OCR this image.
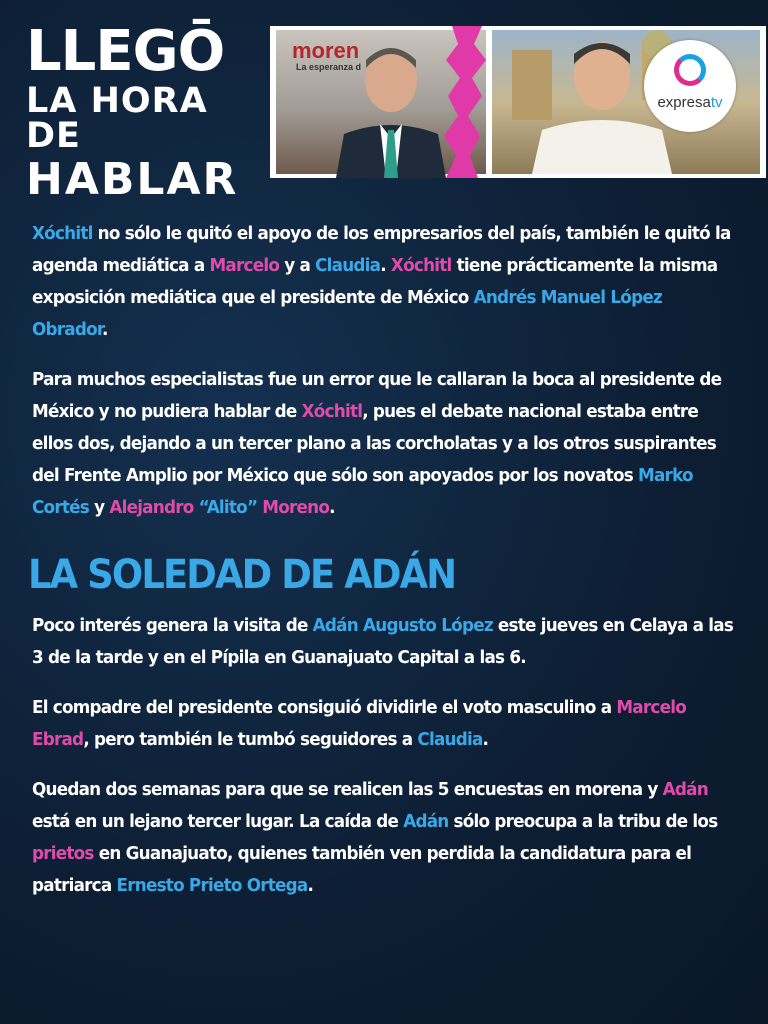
LLEGŌ
LA HORA DE
HABLAR
moren
La esperanza d
expresatv

Xóchitl no sólo le quitó el apoyo de los empresarios del país, también le quitó la agenda mediática a Marcelo y a Claudia. Xóchitl tiene prácticamente la misma exposición mediática que el presidente de México Andrés Manuel López Obrador.

Para muchos especialistas fue un error que le callaran la boca al presidente de México y no pudiera hablar de Xóchitl, pues el debate nacional estaba entre ellos dos, dejando a un tercer plano a las corcholatas y a los otros suspirantes del Frente Amplio por México que sólo son apoyados por los novatos Marko Cortés y Alejandro “Alito” Moreno.

LA SOLEDAD DE ADÁN

Poco interés genera la visita de Adán Augusto López este jueves en Celaya a las 3 de la tarde y en el Pípila en Guanajuato Capital a las 6.

El compadre del presidente consiguió dividirle el voto masculino a Marcelo Ebrad, pero también le tumbó seguidores a Claudia.

Quedan dos semanas para que se realicen las 5 encuestas en morena y Adán está en un lejano tercer lugar. La caída de Adán sólo preocupa a la tribu de los prietos en Guanajuato, quienes también ven perdida la candidatura para el patriarca Ernesto Prieto Ortega.
